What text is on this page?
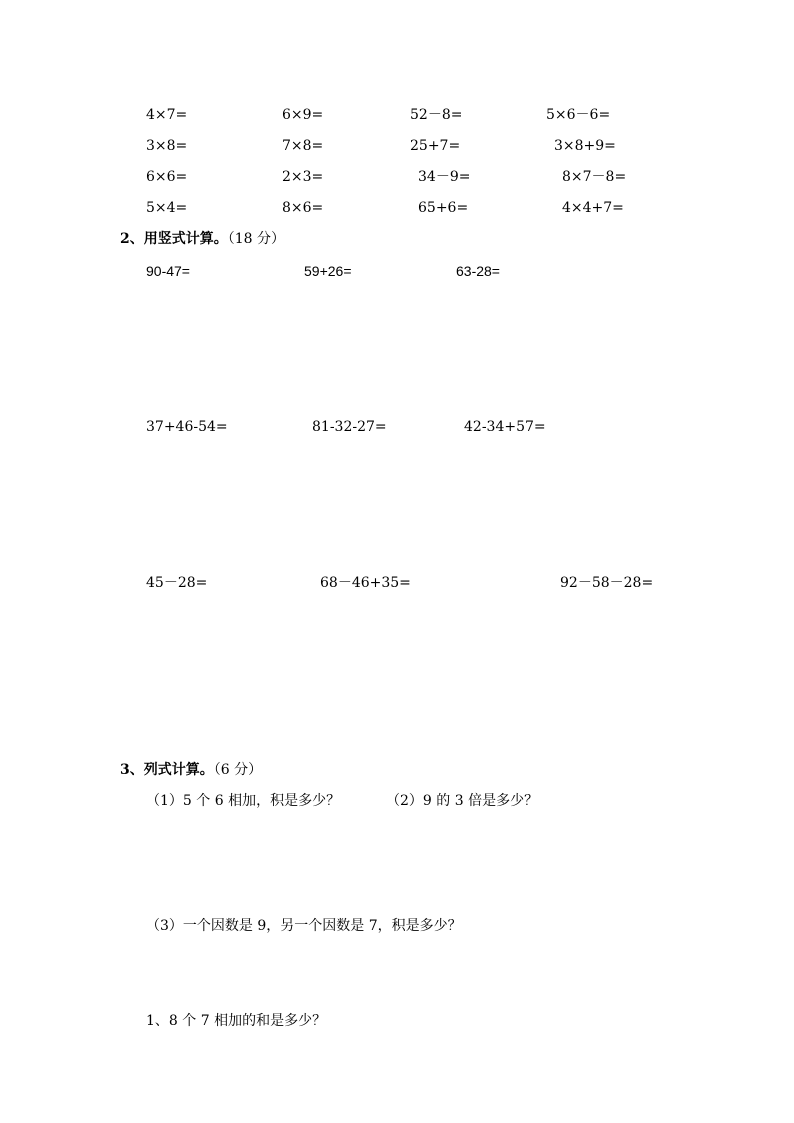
4×7=	6×9=	52－8=	5×6－6=
3×8=	7×8=	25+7=	3×8+9=
6×6=	2×3=	34－9=	8×7－8=
5×4=	8×6=	65+6=	4×4+7=
2、用竖式计算。（18 分）
90-47=	59+26=	63-28=
37+46-54=	81-32-27=	42-34+57=
45－28=	68－46+35=	92－58－28=
3、列式计算。（6 分）
（1）5 个 6 相加，积是多少？	（2）9 的 3 倍是多少？
（3）一个因数是 9，另一个因数是 7，积是多少？
1、8 个 7 相加的和是多少？
